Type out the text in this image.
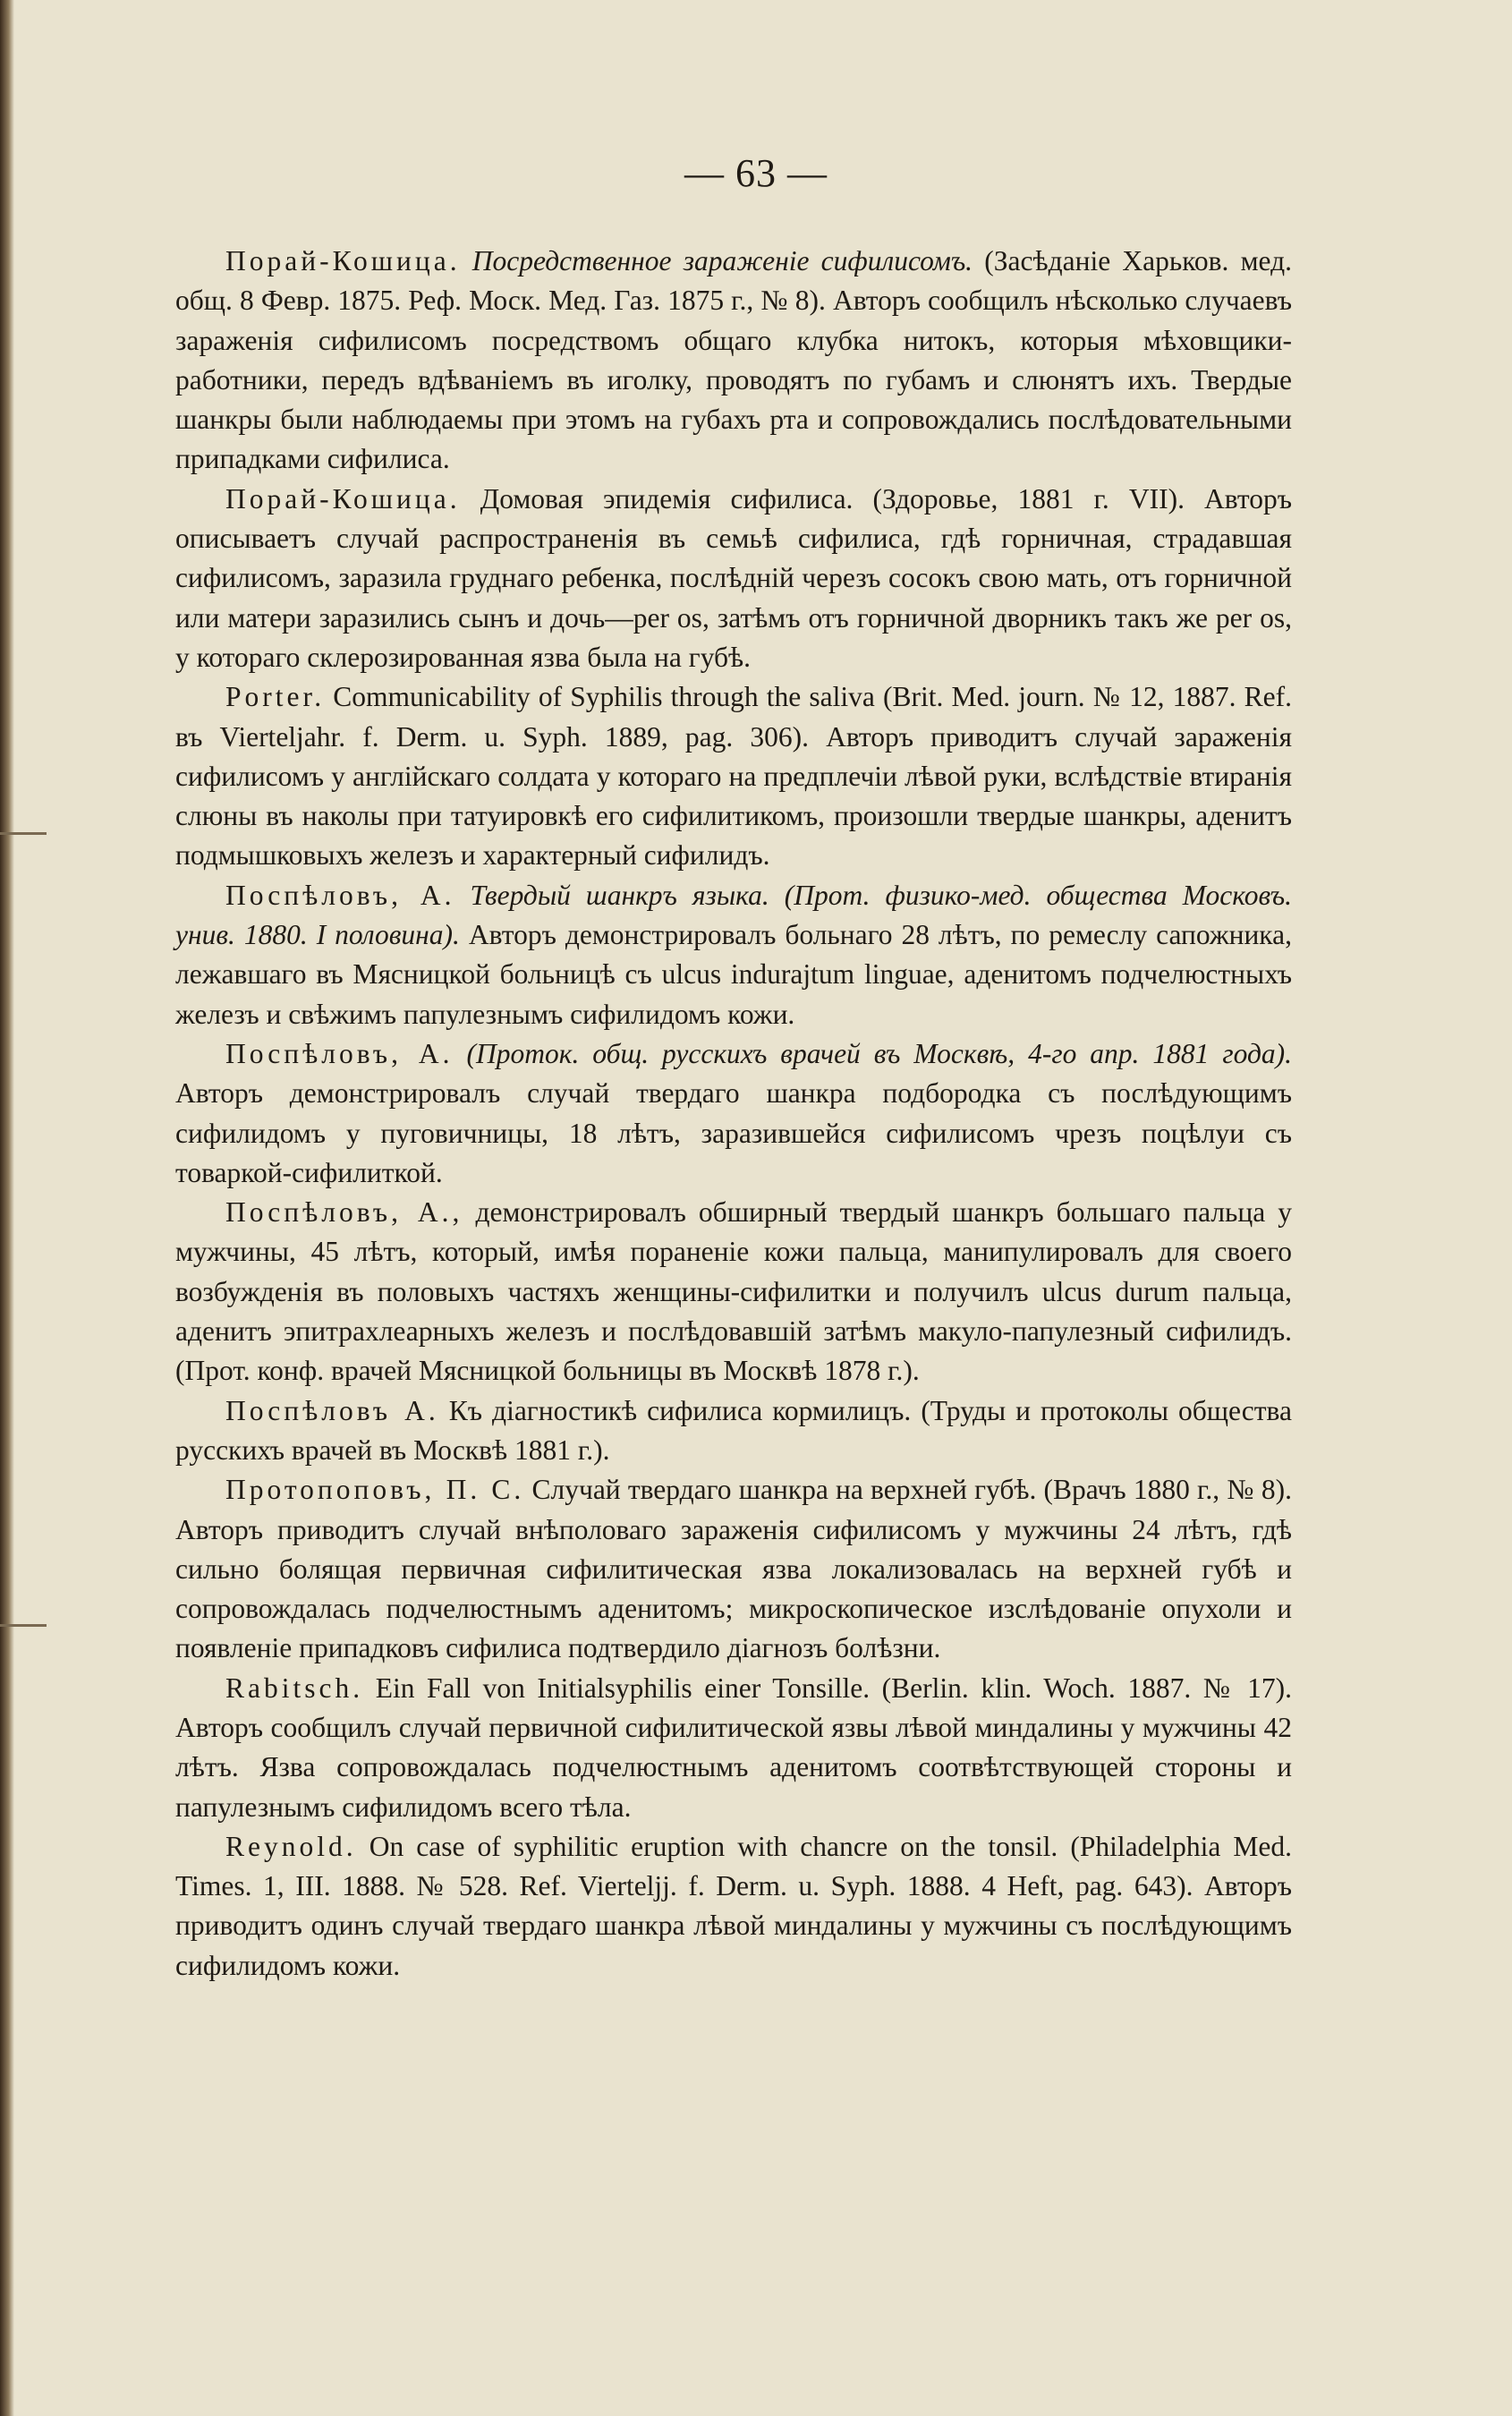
— 63 —

Порай-Кошица. Посредственное зараженіе сифилисомъ. (Засѣданіе Харьков. мед. общ. 8 Февр. 1875. Реф. Моск. Мед. Газ. 1875 г., № 8). Авторъ сообщилъ нѣсколько случаевъ зараженія сифилисомъ посредствомъ общаго клубка нитокъ, которыя мѣховщики-работники, передъ вдѣваніемъ въ иголку, проводятъ по губамъ и слюнятъ ихъ. Твердые шанкры были наблюдаемы при этомъ на губахъ рта и сопровождались послѣдовательными припадками сифилиса.

Порай-Кошица. Домовая эпидемія сифилиса. (Здоровье, 1881 г. VII). Авторъ описываетъ случай распространенія въ семьѣ сифилиса, гдѣ горничная, страдавшая сифилисомъ, заразила груднаго ребенка, послѣдній черезъ сосокъ свою мать, отъ горничной или матери заразились сынъ и дочь—per os, затѣмъ отъ горничной дворникъ такъ же per os, у котораго склерозированная язва была на губѣ.

Porter. Communicability of Syрhilis through the saliva (Brit. Med. journ. № 12, 1887. Ref. въ Vierteljahr. f. Derm. u. Syph. 1889, pag. 306). Авторъ приводитъ случай зараженія сифилисомъ у англійскаго солдата у котораго на предплечіи лѣвой руки, вслѣдствіе втиранія слюны въ наколы при татуировкѣ его сифилитикомъ, произошли твердые шанкры, аденитъ подмышковыхъ железъ и характерный сифилидъ.

Поспѣловъ, А. Твердый шанкръ языка. (Прот. физико-мед. общества Московъ. унив. 1880. I половина). Авторъ демонстрировалъ больнаго 28 лѣтъ, по ремеслу сапожника, лежавшаго въ Мясницкой больницѣ съ ulcus indurajtum linguae, аденитомъ подчелюстныхъ железъ и свѣжимъ папулезнымъ сифилидомъ кожи.

Поспѣловъ, А. (Проток. общ. русскихъ врачей въ Москвѣ, 4-го апр. 1881 года). Авторъ демонстрировалъ случай твердаго шанкра подбородка съ послѣдующимъ сифилидомъ у пуговичницы, 18 лѣтъ, заразившейся сифилисомъ чрезъ поцѣлуи съ товаркой-сифилиткой.

Поспѣловъ, А., демонстрировалъ обширный твердый шанкръ большаго пальца у мужчины, 45 лѣтъ, который, имѣя пораненіе кожи пальца, манипулировалъ для своего возбужденія въ половыхъ частяхъ женщины-сифилитки и получилъ ulcus durum пальца, аденитъ эпитрахлеарныхъ железъ и послѣдовавшій затѣмъ макуло-папулезный сифилидъ. (Прот. конф. врачей Мясницкой больницы въ Москвѣ 1878 г.).

Поспѣловъ А. Къ діагностикѣ сифилиса кормилицъ. (Труды и протоколы общества русскихъ врачей въ Москвѣ 1881 г.).

Протопоповъ, П. С. Случай твердаго шанкра на верхней губѣ. (Врачъ 1880 г., № 8). Авторъ приводитъ случай внѣполоваго зараженія сифилисомъ у мужчины 24 лѣтъ, гдѣ сильно болящая первичная сифилитическая язва локализовалась на верхней губѣ и сопровождалась подчелюстнымъ аденитомъ; микроскопическое изслѣдованіе опухоли и появленіе припадковъ сифилиса подтвердило діагнозъ болѣзни.

Rabitsch. Ein Fall von Initialsyphilis einer Tonsille. (Berlin. klin. Woch. 1887. № 17). Авторъ сообщилъ случай первичной сифилитической язвы лѣвой миндалины у мужчины 42 лѣтъ. Язва сопровождалась подчелюстнымъ аденитомъ соотвѣтствующей стороны и папулезнымъ сифилидомъ всего тѣла.

Reynold. On case of syphilitic eruption with chancre on the tonsil. (Philadelphia Med. Times. 1, III. 1888. № 528. Ref. Vierteljj. f. Derm. u. Syph. 1888. 4 Heft, pag. 643). Авторъ приводитъ одинъ случай твердаго шанкра лѣвой миндалины у мужчины съ послѣдующимъ сифилидомъ кожи.
